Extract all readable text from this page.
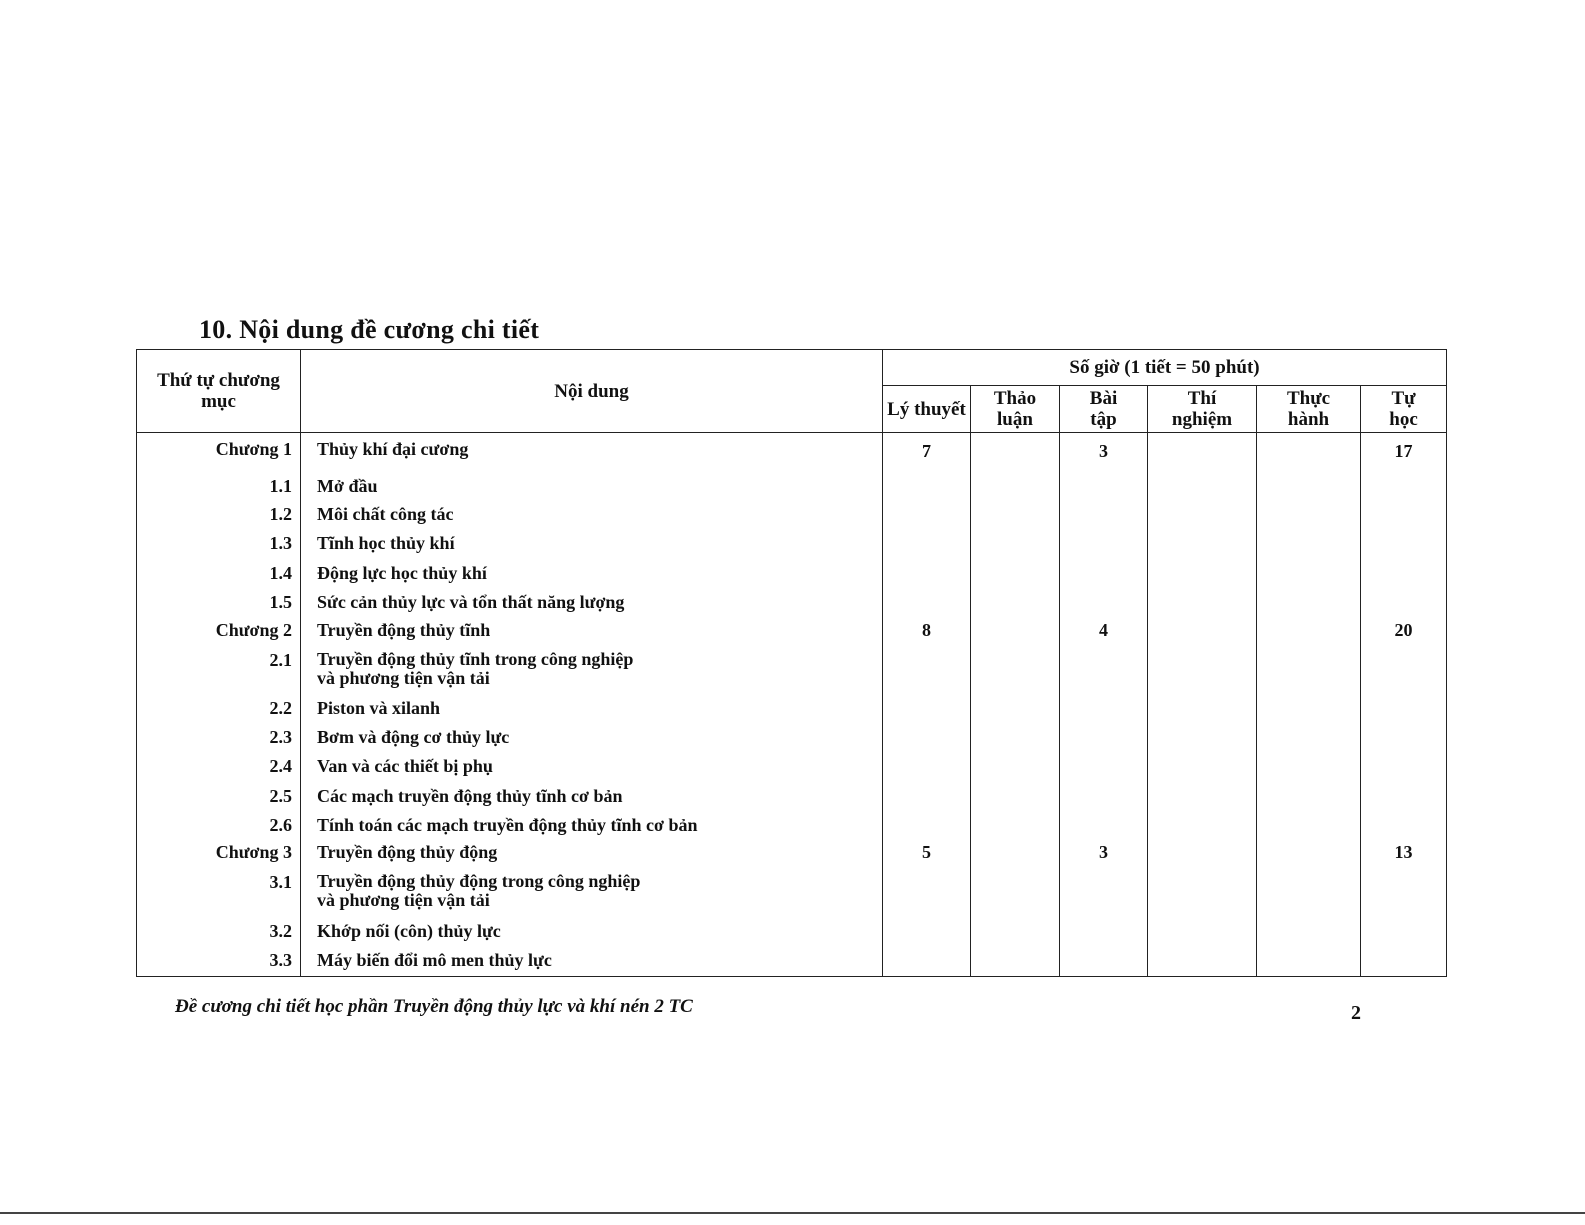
10. Nội dung đề cương chi tiết
Thứ tự chương mục	Nội dung	Số giờ (1 tiết = 50 phút)					
		Lý thuyết	Thảo luận	Bài tập	Thí nghiệm	Thực hành	Tự học
Chương 1	Thủy khí đại cương	7		3			17
1.1	Mở đầu						
1.2	Môi chất công tác						
1.3	Tĩnh học thủy khí						
1.4	Động lực học thủy khí						
1.5	Sức cản thủy lực và tổn thất năng lượng						
Chương 2	Truyền động thủy tĩnh	8		4			20
2.1	Truyền động thủy tĩnh trong công nghiệp
và phương tiện vận tải						

2.2	Piston và xilanh						
2.3	Bơm và động cơ thủy lực						
2.4	Van và các thiết bị phụ						
2.5	Các mạch truyền động thủy tĩnh cơ bản						
2.6	Tính toán các mạch truyền động thủy tĩnh cơ bản						
Chương 3	Truyền động thủy động	5		3			13
3.1	Truyền động thủy động trong công nghiệp
và phương tiện vận tải						

3.2	Khớp nối (côn) thủy lực						
3.3	Máy biến đổi mô men thủy lực						
Đề cương chi tiết học phần Truyền động thủy lực và khí nén 2 TC	2
